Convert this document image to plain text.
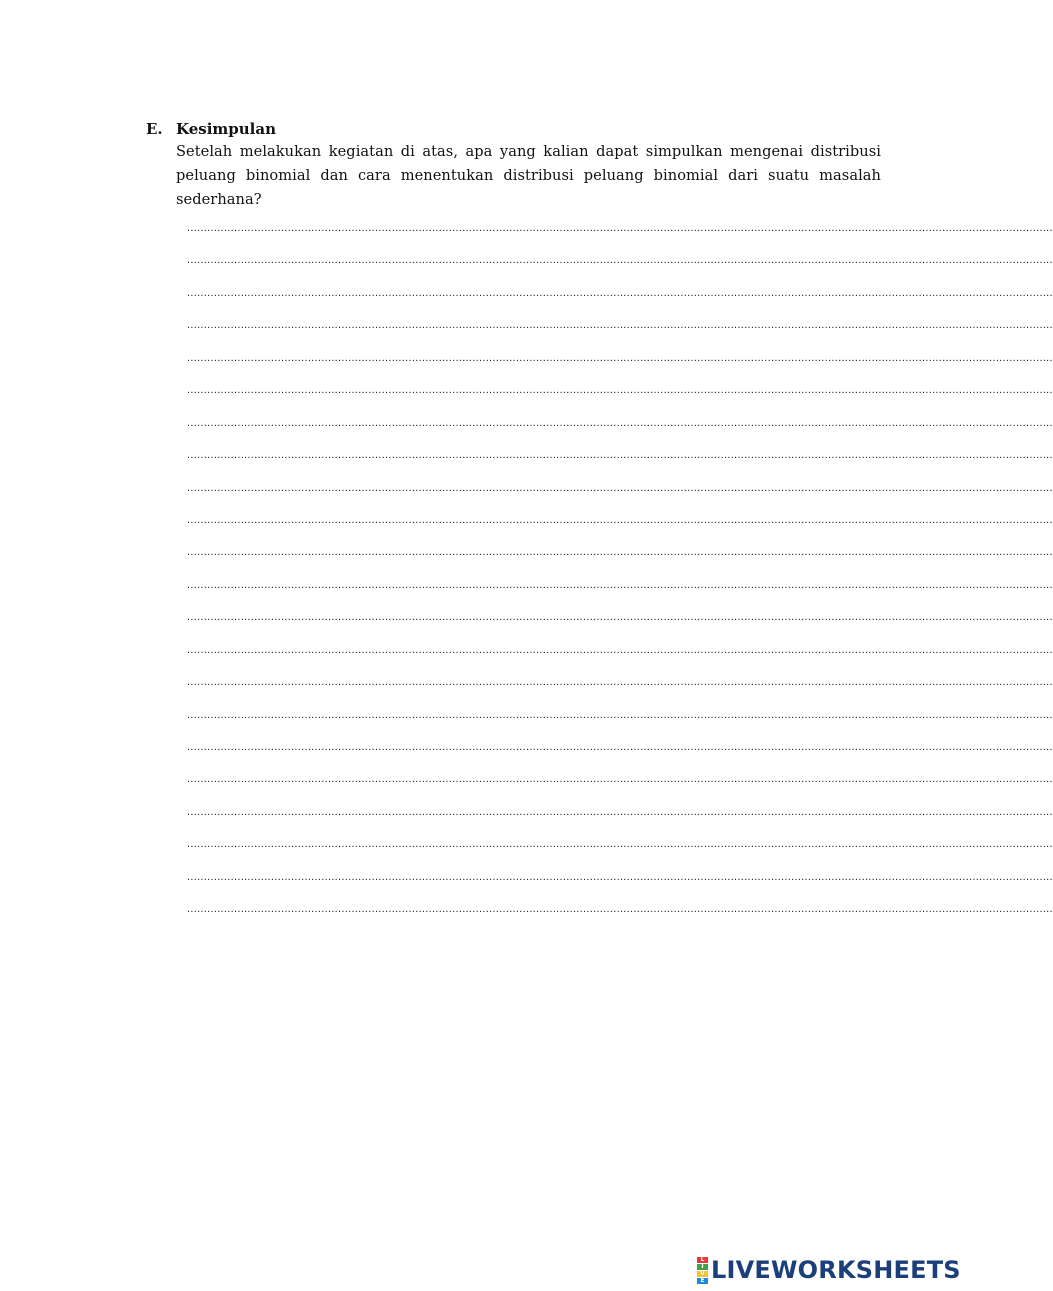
E. Kesimpulan
Setelah melakukan kegiatan di atas, apa yang kalian dapat simpulkan mengenai distribusi peluang binomial dan cara menentukan distribusi peluang binomial dari suatu masalah sederhana?
..................................................................................................................................................................................................................................................................
..................................................................................................................................................................................................................................................................
..................................................................................................................................................................................................................................................................
..................................................................................................................................................................................................................................................................
..................................................................................................................................................................................................................................................................
..................................................................................................................................................................................................................................................................
..................................................................................................................................................................................................................................................................
..................................................................................................................................................................................................................................................................
..................................................................................................................................................................................................................................................................
..................................................................................................................................................................................................................................................................
..................................................................................................................................................................................................................................................................
..................................................................................................................................................................................................................................................................
..................................................................................................................................................................................................................................................................
..................................................................................................................................................................................................................................................................
..................................................................................................................................................................................................................................................................
..................................................................................................................................................................................................................................................................
..................................................................................................................................................................................................................................................................
..................................................................................................................................................................................................................................................................
..................................................................................................................................................................................................................................................................
..................................................................................................................................................................................................................................................................
..................................................................................................................................................................................................................................................................
..................................................................................................................................................................................................................................................................
L
I
V
E LIVEWORKSHEETS
